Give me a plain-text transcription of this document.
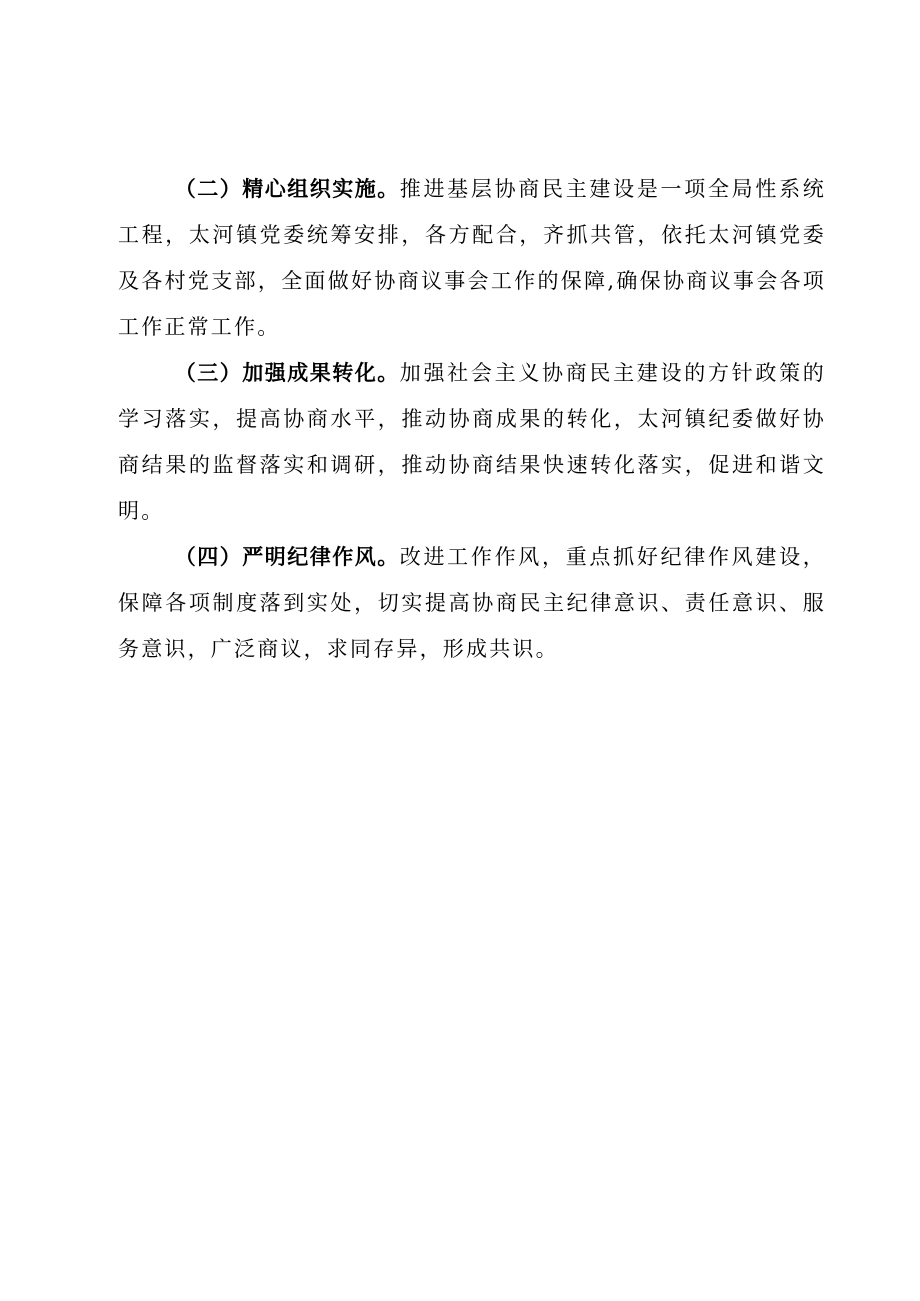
（二）精心组织实施。推进基层协商民主建设是一项全局性系统工程，太河镇党委统筹安排，各方配合，齐抓共管，依托太河镇党委及各村党支部，全面做好协商议事会工作的保障,确保协商议事会各项工作正常工作。

（三）加强成果转化。加强社会主义协商民主建设的方针政策的学习落实，提高协商水平，推动协商成果的转化，太河镇纪委做好协商结果的监督落实和调研，推动协商结果快速转化落实，促进和谐文明。

（四）严明纪律作风。改进工作作风，重点抓好纪律作风建设，保障各项制度落到实处，切实提高协商民主纪律意识、责任意识、服务意识，广泛商议，求同存异，形成共识。
